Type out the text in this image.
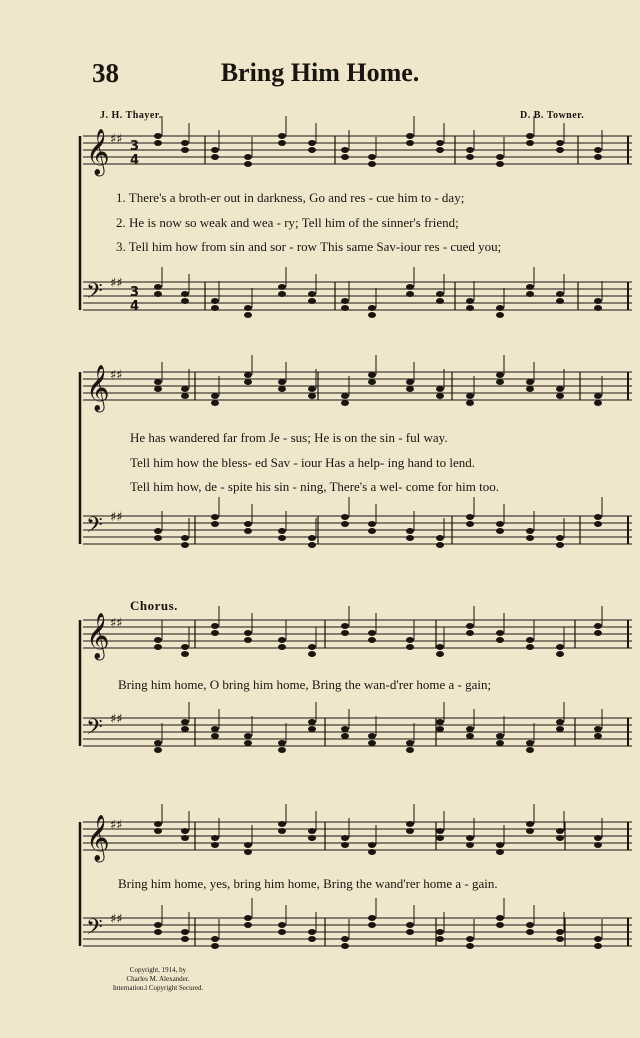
38	Bring Him Home.
J. H. Thayer.	D. B. Towner.
𝄞
𝄢
𝄞
𝄢
𝄞
𝄢
𝄞
𝄢
♯♯
♯♯
♯♯
♯♯
♯♯
♯♯
♯♯
♯♯
3
4
3
4
1. There's a broth-er out in darkness, Go and res - cue him to - day;
2. He is now so weak and wea - ry; Tell him of the sinner's friend;
3. Tell him how from sin and sor - row This same Sav-iour res - cued you;
He has wandered far from Je - sus; He is on the sin - ful way.
Tell him how the bless- ed Sav - iour Has a help- ing hand to lend.
Tell him how, de - spite his sin - ning, There's a wel- come for him too.
Chorus.
Bring him home, O bring him home, Bring the wan-d'rer home a - gain;
Bring him home, yes, bring him home, Bring the wand'rer home a - gain.
Copyright, 1914, by
Charles M. Alexander.
Internation.l Copyright Secured.
